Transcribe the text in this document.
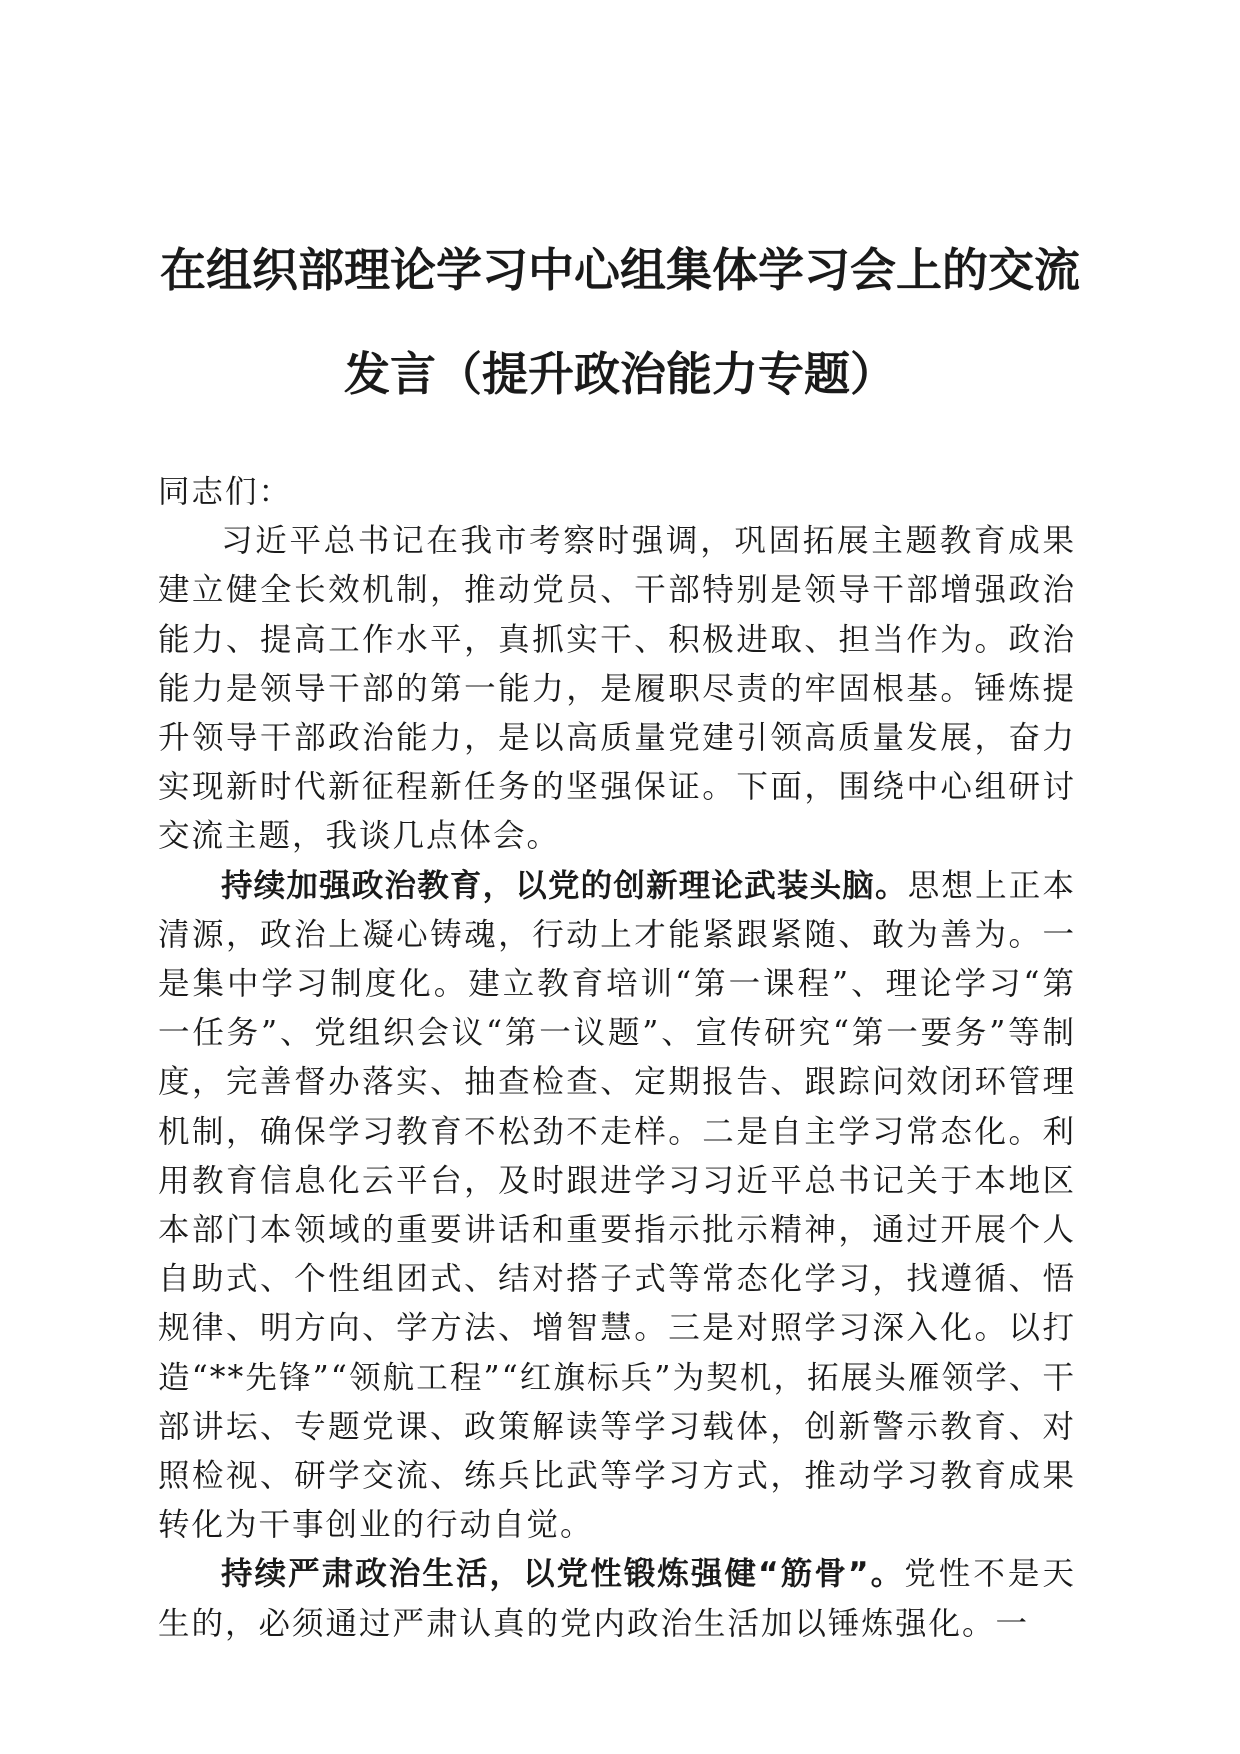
在组织部理论学习中心组集体学习会上的交流
发言（提升政治能力专题）

同志们：

习近平总书记在我市考察时强调，巩固拓展主题教育成果建立健全长效机制，推动党员、干部特别是领导干部增强政治能力、提高工作水平，真抓实干、积极进取、担当作为。政治能力是领导干部的第一能力，是履职尽责的牢固根基。锤炼提升领导干部政治能力，是以高质量党建引领高质量发展，奋力实现新时代新征程新任务的坚强保证。下面，围绕中心组研讨交流主题，我谈几点体会。

持续加强政治教育，以党的创新理论武装头脑。思想上正本清源，政治上凝心铸魂，行动上才能紧跟紧随、敢为善为。一是集中学习制度化。建立教育培训“第一课程”、理论学习“第一任务”、党组织会议“第一议题”、宣传研究“第一要务”等制度，完善督办落实、抽查检查、定期报告、跟踪问效闭环管理机制，确保学习教育不松劲不走样。二是自主学习常态化。利用教育信息化云平台，及时跟进学习习近平总书记关于本地区本部门本领域的重要讲话和重要指示批示精神，通过开展个人自助式、个性组团式、结对搭子式等常态化学习，找遵循、悟规律、明方向、学方法、增智慧。三是对照学习深入化。以打造“**先锋”“领航工程”“红旗标兵”为契机，拓展头雁领学、干部讲坛、专题党课、政策解读等学习载体，创新警示教育、对照检视、研学交流、练兵比武等学习方式，推动学习教育成果转化为干事创业的行动自觉。

持续严肃政治生活，以党性锻炼强健“筋骨”。党性不是天生的，必须通过严肃认真的党内政治生活加以锤炼强化。一
